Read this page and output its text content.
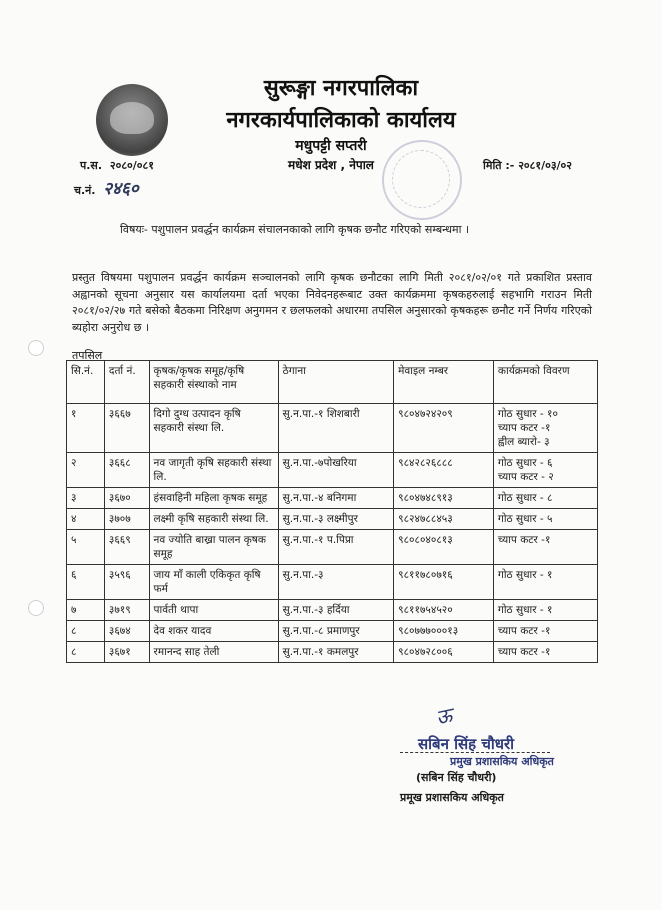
सुरूङ्गा नगरपालिका
नगरकार्यपालिकाको कार्यालय
मधुपट्टी सप्तरी
मधेश प्रदेश , नेपाल
प.स. २०८०/०८१
च.नं. २४६०
मिति :- २०८१/०३/०२
विषयः- पशुपालन प्रवर्द्धन कार्यक्रम संचालनकाको लागि कृषक छनौट गरिएको सम्बन्धमा ।
प्रस्तुत विषयमा पशुपालन प्रवर्द्धन कार्यक्रम सञ्चालनको लागि कृषक छनौटका लागि मिती २०८१/०२/०१ गते प्रकाशित प्रस्ताव अह्वानको सूचना अनुसार यस कार्यालयमा दर्ता भएका निवेदनहरूबाट उक्त कार्यक्रममा कृषकहरुलाई सहभागि गराउन मिती २०८१/०२/२७ गते बसेको बैठकमा निरिक्षण अनुगमन र छलफलको अधारमा तपसिल अनुसारको कृषकहरू छनौट गर्ने निर्णय गरिएको ब्यहोरा अनुरोध छ ।
तपसिल
सि.नं.	दर्ता नं.	कृषक/कृषक समूह/कृषि सहकारी संस्थाको नाम	ठेगाना	मेवाइल नम्बर	कार्यक्रमको विवरण
१	३६६७	दिगो दुग्ध उत्पादन कृषि सहकारी संस्था लि.	सु.न.पा.-१ शिशबारी	९८०४७२४२०९	गोठ सुधार - १०
च्याप कटर -१
ह्वील ब्यारो- ३

२	३६६८	नव जागृती कृषि सहकारी संस्था लि.	सु.न.पा.-७पोखरिया	९८४२८२६८८८	गोठ सुधार - ६
च्याप कटर - २

३	३६७०	हंसवाहिनी महिला कृषक समूह	सु.न.पा.-४ बनिगमा	९८०४७४८९१३	गोठ सुधार - ८

४	३७०७	लक्ष्मी कृषि सहकारी संस्था लि.	सु.न.पा.-३ लक्ष्मीपुर	९८२४७८८४५३	गोठ सुधार - ५

५	३६६९	नव ज्योति बाख्रा पालन कृषक समूह	सु.न.पा.-१ प.पिप्रा	९८०८०४०८१३	च्याप कटर -१

६	३५९६	जाय माँ काली एकिकृत कृषि फर्म	सु.न.पा.-३	९८११७८०७१६	गोठ सुधार - १

७	३७१९	पार्वती थापा	सु.न.पा.-३ हर्दिया	९८११७५४५२०	गोठ सुधार - १

८	३६७४	देव शकर यादव	सु.न.पा.-८ प्रमाणपुर	९८०७७७०००१३	च्याप कटर -१

८	३६७१	रमानन्द साह तेली	सु.न.पा.-१ कमलपुर	९८०४७२८००६	च्याप कटर -१
ऊ
सबिन सिंह चौधरी
प्रमुख प्रशासकिय अधिकृत
(सबिन सिंह चौधरी)
प्रमूख प्रशासकिय अधिकृत
